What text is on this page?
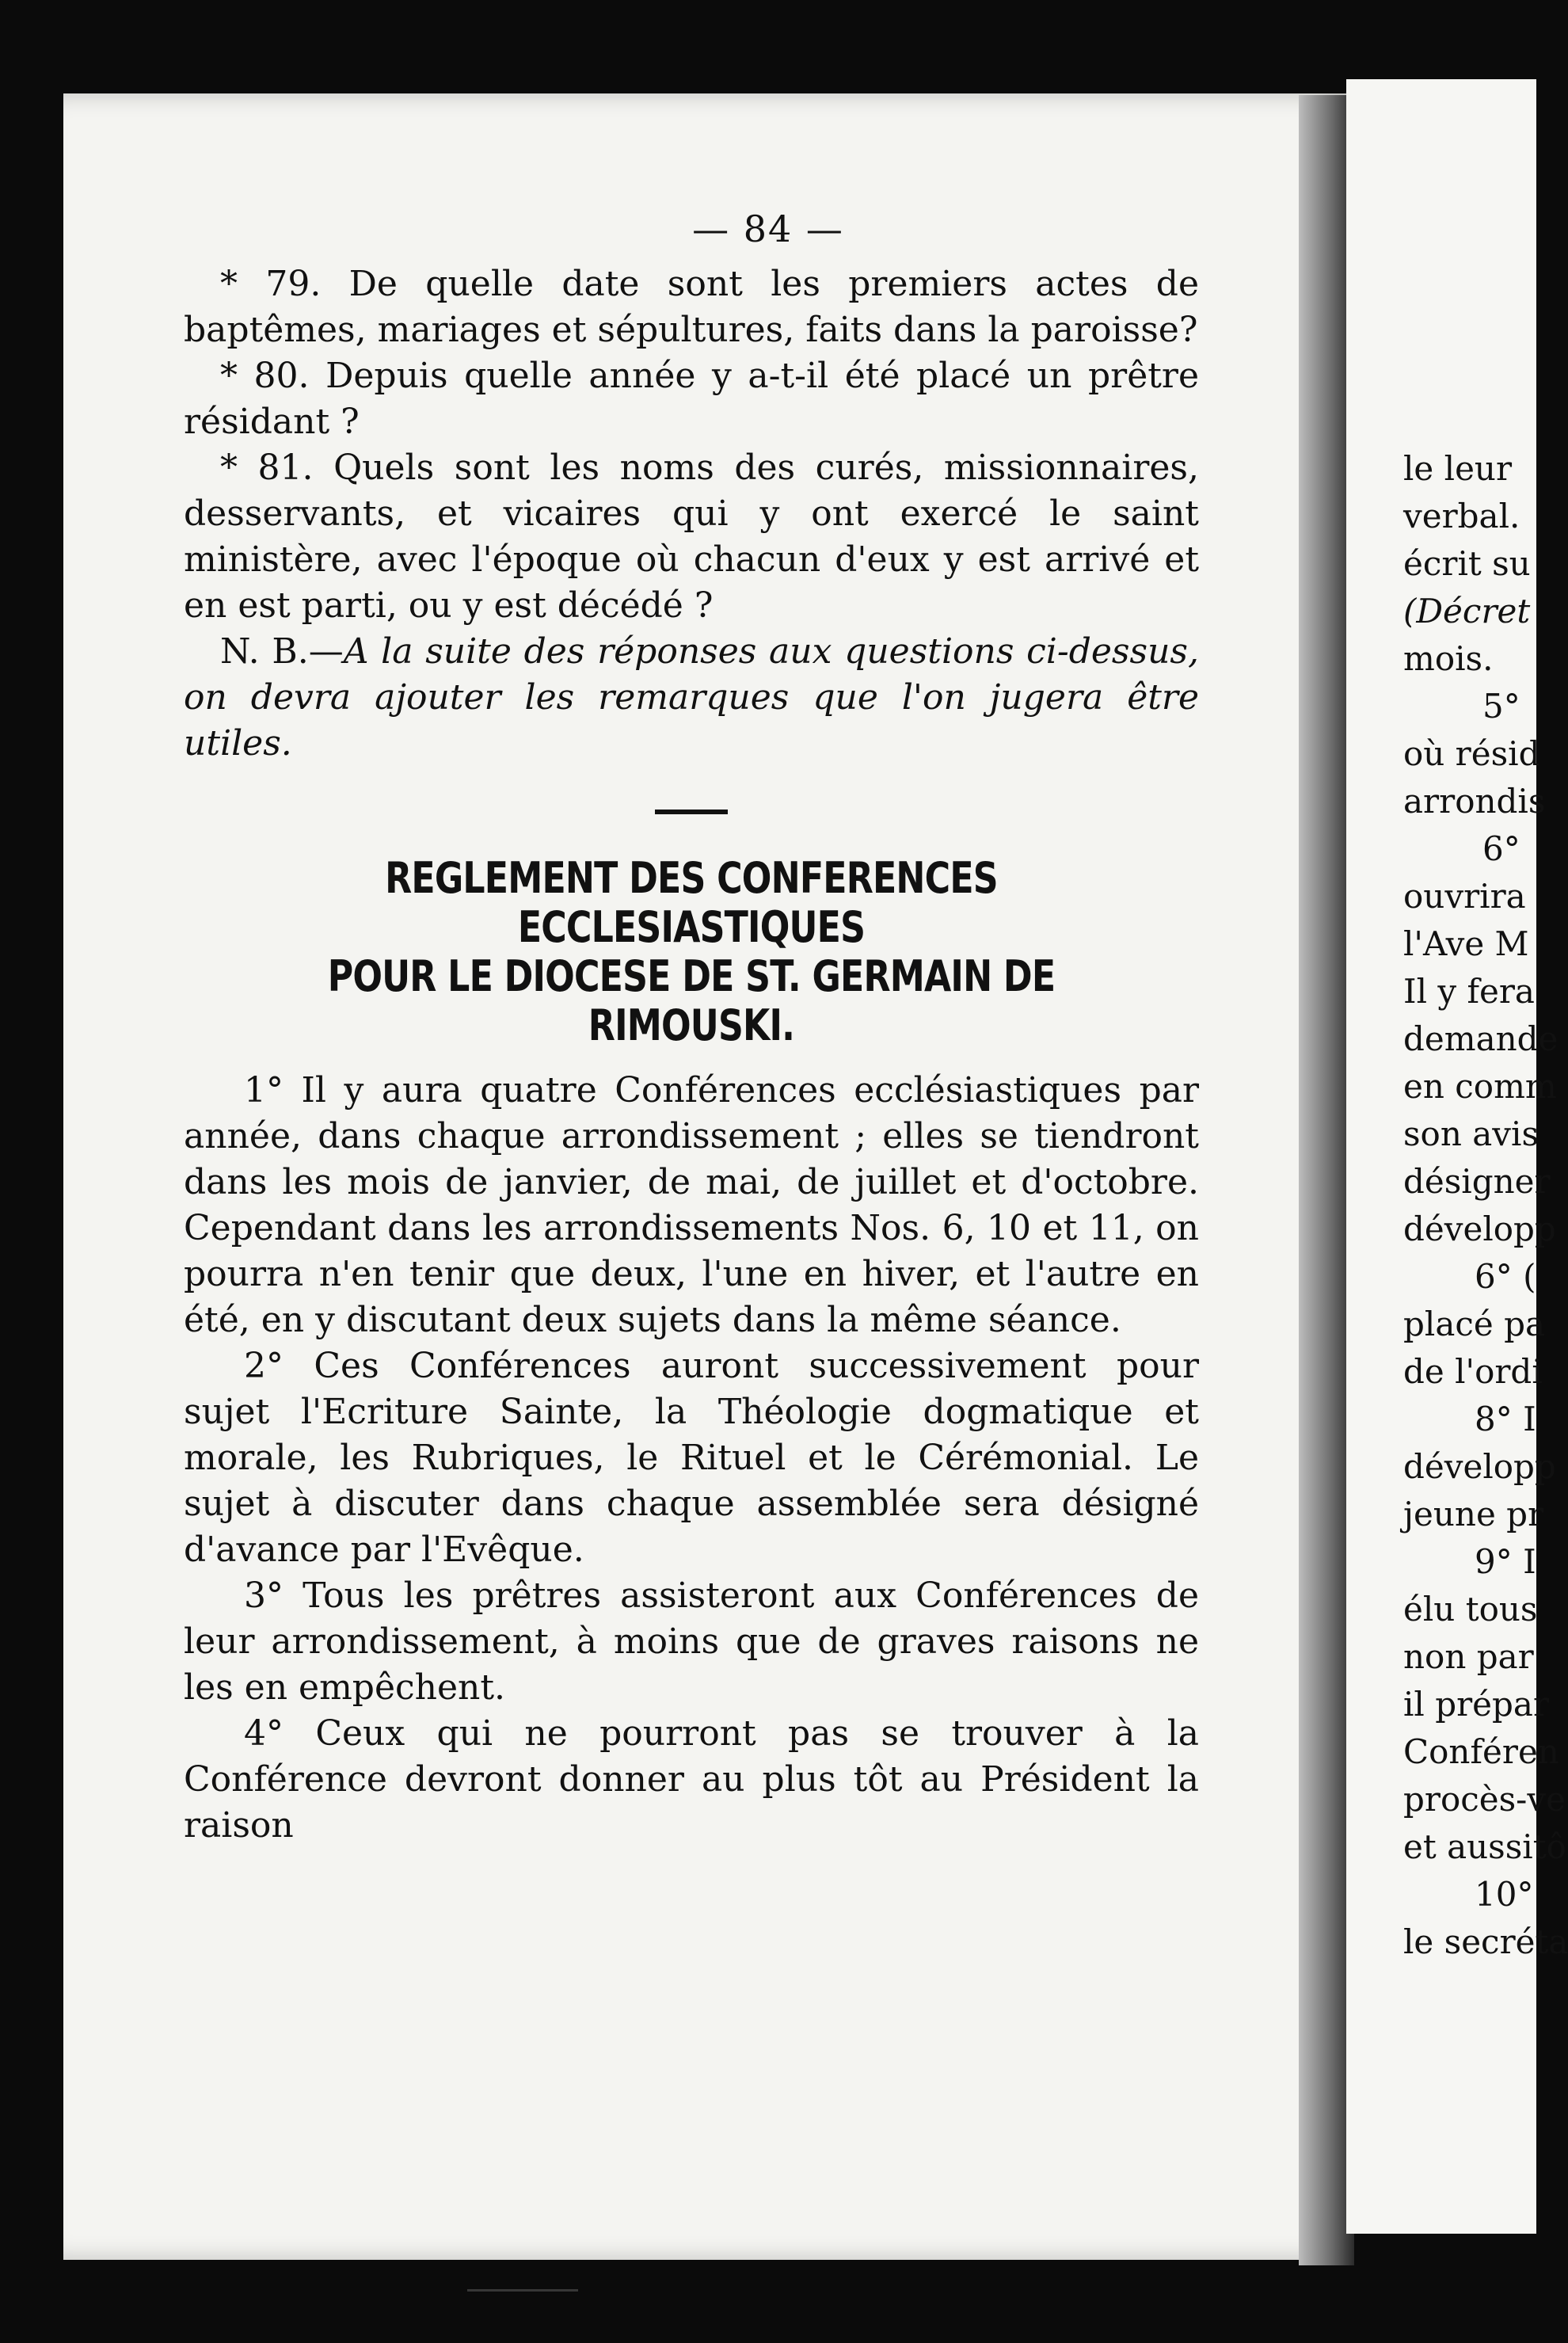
le leur
verbal.
écrit su
(Décret
mois.
5°
où résid
arrondis
6°
ouvrira
l'Ave M
Il y fera
demande
en comm
son avis
désigner
développ
6° (
placé pa
de l'ordi
8° I
développ
jeune pr
9° I
élu tous
non par
il prépar
Conféren
procès-ve
et aussitô
10°
le secréta
— 84 —

* 79. De quelle date sont les premiers actes de baptêmes, mariages et sépultures, faits dans la paroisse?

* 80. Depuis quelle année y a-t-il été placé un prêtre résidant ?

* 81. Quels sont les noms des curés, missionnaires, desservants, et vicaires qui y ont exercé le saint ministère, avec l'époque où chacun d'eux y est arrivé et en est parti, ou y est décédé ?

N. B.—A la suite des réponses aux questions ci-dessus, on devra ajouter les remarques que l'on jugera être utiles.

REGLEMENT DES CONFERENCES ECCLESIASTIQUES
POUR LE DIOCESE DE ST. GERMAIN DE
RIMOUSKI.

1° Il y aura quatre Conférences ecclésiastiques par année, dans chaque arrondissement ; elles se tiendront dans les mois de janvier, de mai, de juillet et d'octobre. Cependant dans les arrondissements Nos. 6, 10 et 11, on pourra n'en tenir que deux, l'une en hiver, et l'autre en été, en y discutant deux sujets dans la même séance.

2° Ces Conférences auront successivement pour sujet l'Ecriture Sainte, la Théologie dogmatique et morale, les Rubriques, le Rituel et le Cérémonial. Le sujet à discuter dans chaque assemblée sera désigné d'avance par l'Evêque.

3° Tous les prêtres assisteront aux Conférences de leur arrondissement, à moins que de graves raisons ne les en empêchent.

4° Ceux qui ne pourront pas se trouver à la Conférence devront donner au plus tôt au Président la raison
